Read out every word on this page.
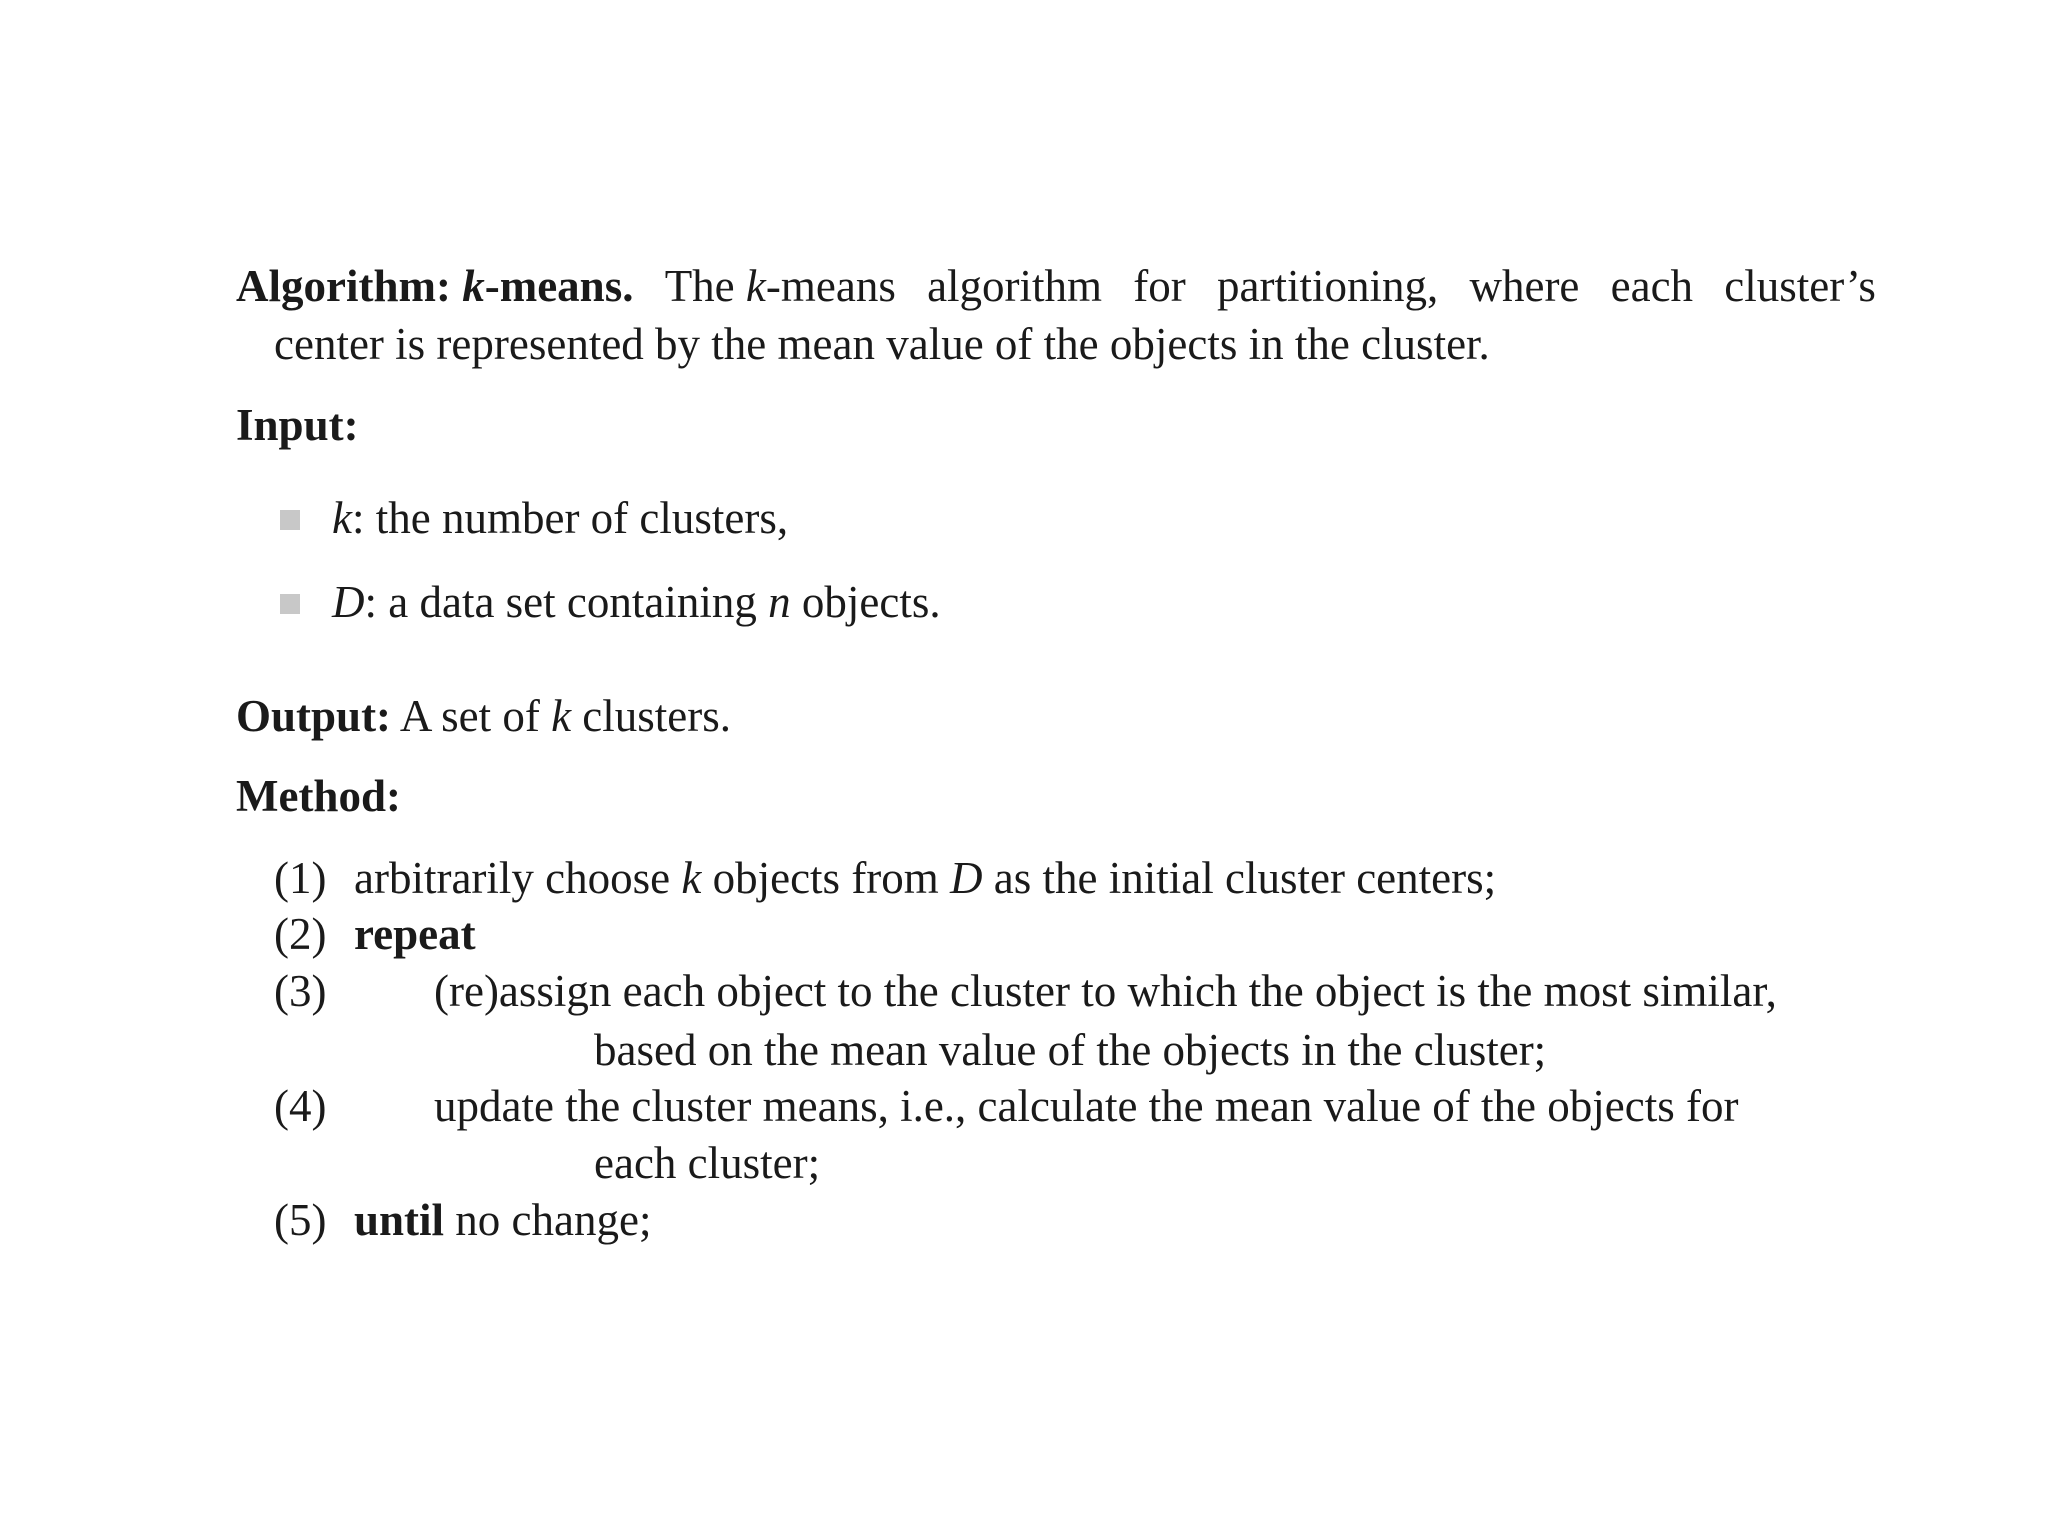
Algorithm: k-means. The k-means algorithm for partitioning, where each cluster’s
center is represented by the mean value of the objects in the cluster.
Input:
k: the number of clusters,
D: a data set containing n objects.
Output: A set of k clusters.
Method:
(1) arbitrarily choose k objects from D as the initial cluster centers;
(2) repeat
(3) (re)assign each object to the cluster to which the object is the most similar,
based on the mean value of the objects in the cluster;
(4) update the cluster means, i.e., calculate the mean value of the objects for
each cluster;
(5) until no change;
